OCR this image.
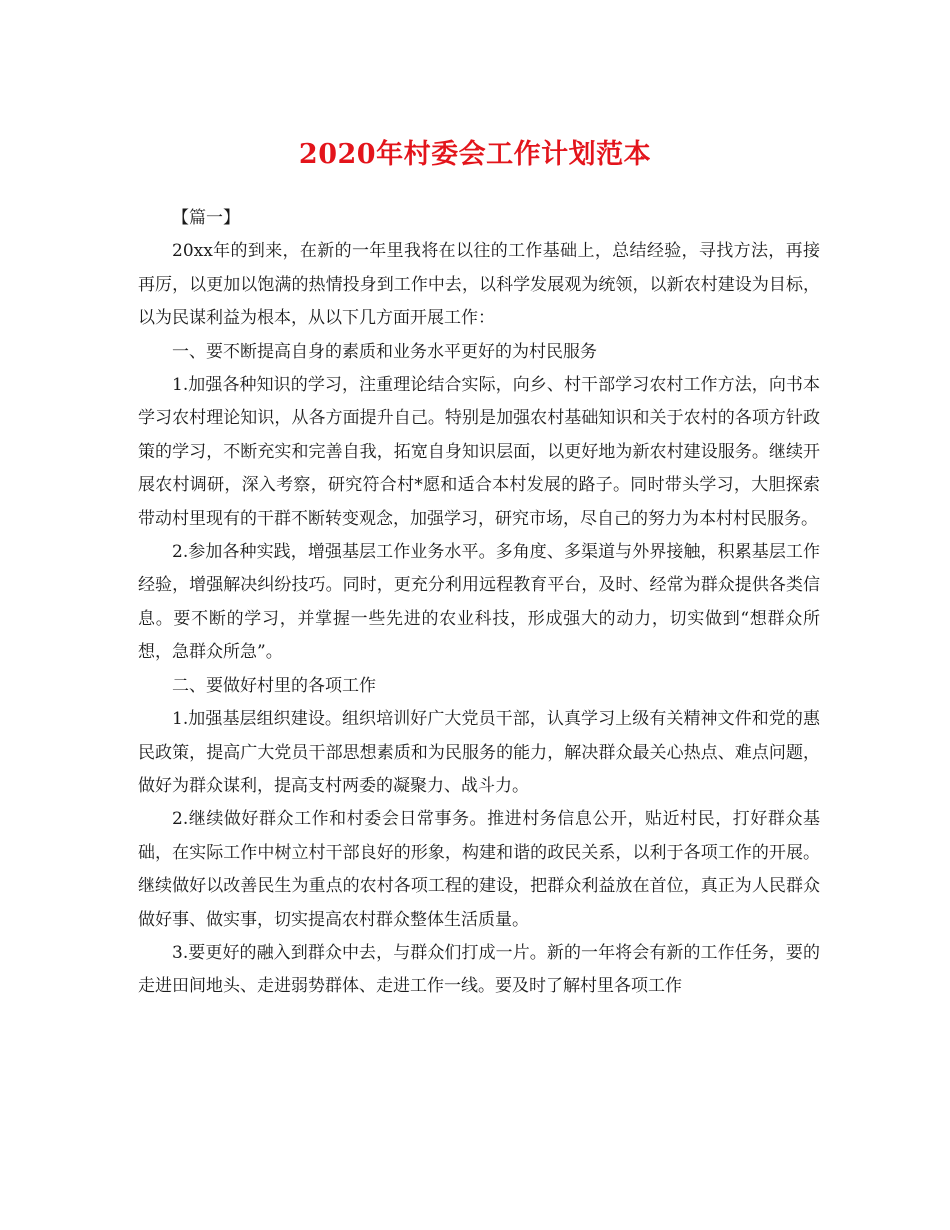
2020年村委会工作计划范本

【篇一】

20xx年的到来，在新的一年里我将在以往的工作基础上，总结经验，寻找方法，再接再厉，以更加以饱满的热情投身到工作中去，以科学发展观为统领，以新农村建设为目标，以为民谋利益为根本，从以下几方面开展工作：

一、要不断提高自身的素质和业务水平更好的为村民服务

1.加强各种知识的学习，注重理论结合实际，向乡、村干部学习农村工作方法，向书本学习农村理论知识，从各方面提升自己。特别是加强农村基础知识和关于农村的各项方针政策的学习，不断充实和完善自我，拓宽自身知识层面，以更好地为新农村建设服务。继续开展农村调研，深入考察，研究符合村*愿和适合本村发展的路子。同时带头学习，大胆探索带动村里现有的干群不断转变观念，加强学习，研究市场，尽自己的努力为本村村民服务。

2.参加各种实践，增强基层工作业务水平。多角度、多渠道与外界接触，积累基层工作经验，增强解决纠纷技巧。同时，更充分利用远程教育平台，及时、经常为群众提供各类信息。要不断的学习，并掌握一些先进的农业科技，形成强大的动力，切实做到“想群众所想，急群众所急”。

二、要做好村里的各项工作

1.加强基层组织建设。组织培训好广大党员干部，认真学习上级有关精神文件和党的惠民政策，提高广大党员干部思想素质和为民服务的能力，解决群众最关心热点、难点问题，做好为群众谋利，提高支村两委的凝聚力、战斗力。

2.继续做好群众工作和村委会日常事务。推进村务信息公开，贴近村民，打好群众基础，在实际工作中树立村干部良好的形象，构建和谐的政民关系，以利于各项工作的开展。继续做好以改善民生为重点的农村各项工程的建设，把群众利益放在首位，真正为人民群众做好事、做实事，切实提高农村群众整体生活质量。

3.要更好的融入到群众中去，与群众们打成一片。新的一年将会有新的工作任务，要的走进田间地头、走进弱势群体、走进工作一线。要及时了解村里各项工作
